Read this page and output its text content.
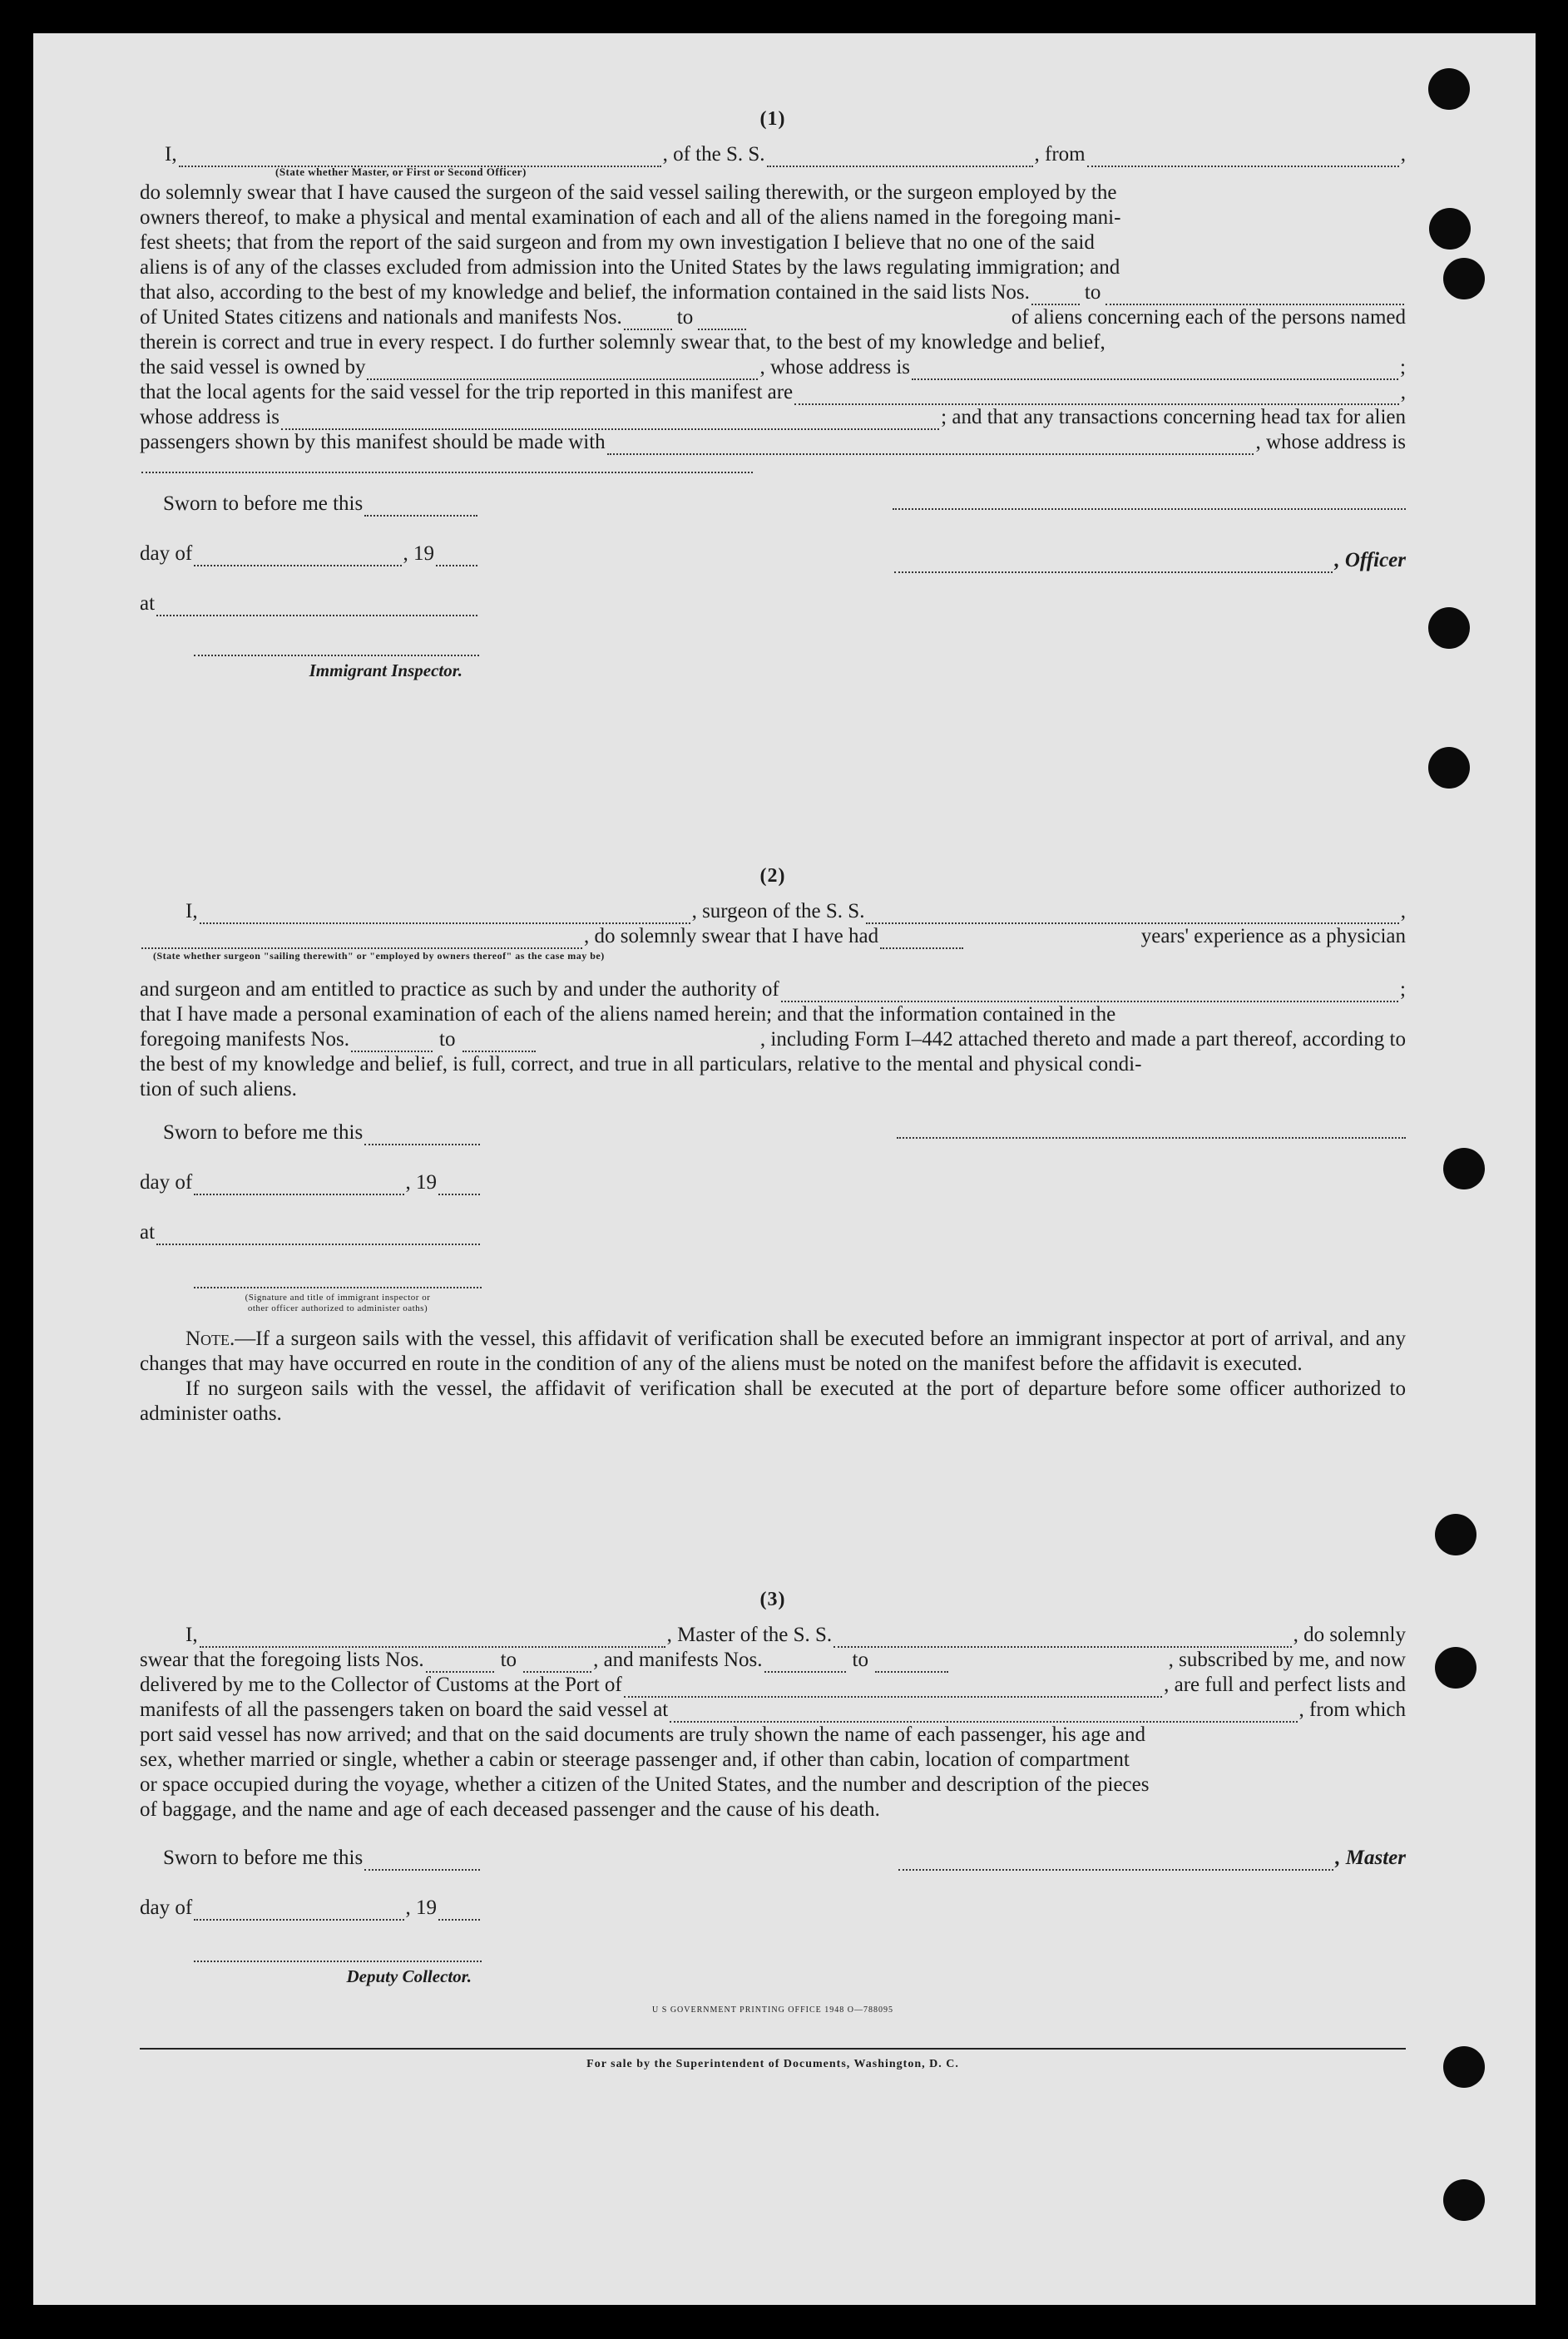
(1)
I,	, of the S. S.	, from	,
(State whether Master, or First or Second Officer)
do solemnly swear that I have caused the surgeon of the said vessel sailing therewith, or the surgeon employed by the
owners thereof, to make a physical and mental examination of each and all of the aliens named in the foregoing mani-
fest sheets; that from the report of the said surgeon and from my own investigation I believe that no one of the said
aliens is of any of the classes excluded from admission into the United States by the laws regulating immigration; and
that also, according to the best of my knowledge and belief, the information contained in the said lists Nos.	to
of United States citizens and nationals and manifests Nos.	to	of aliens concerning each of the persons named
therein is correct and true in every respect. I do further solemnly swear that, to the best of my knowledge and belief,
the said vessel is owned by	, whose address is	;
that the local agents for the said vessel for the trip reported in this manifest are	,
whose address is	; and that any transactions concerning head tax for alien
passengers shown by this manifest should be made with	, whose address is
Sworn to before me this
day of	, 19
at
Immigrant Inspector.
, Officer
(2)
I,	, surgeon of the S. S.	,
, do solemnly swear that I have had	years' experience as a physician
(State whether surgeon "sailing therewith" or "employed by owners thereof" as the case may be)
and surgeon and am entitled to practice as such by and under the authority of	;
that I have made a personal examination of each of the aliens named herein; and that the information contained in the
foregoing manifests Nos.	to	, including Form I–442 attached thereto and made a part thereof, according to
the best of my knowledge and belief, is full, correct, and true in all particulars, relative to the mental and physical condi-
tion of such aliens.
Sworn to before me this
day of	, 19
at
(Signature and title of immigrant inspector or
other officer authorized to administer oaths)
Note.—If a surgeon sails with the vessel, this affidavit of verification shall be executed before an immigrant inspector at port of arrival, and any changes that may have occurred en route in the condition of any of the aliens must be noted on the manifest before the affidavit is executed.
If no surgeon sails with the vessel, the affidavit of verification shall be executed at the port of departure before some officer authorized to administer oaths.
(3)
I,	, Master of the S. S.	, do solemnly
swear that the foregoing lists Nos.	to	, and manifests Nos.	to	, subscribed by me, and now
delivered by me to the Collector of Customs at the Port of	, are full and perfect lists and
manifests of all the passengers taken on board the said vessel at	, from which
port said vessel has now arrived; and that on the said documents are truly shown the name of each passenger, his age and
sex, whether married or single, whether a cabin or steerage passenger and, if other than cabin, location of compartment
or space occupied during the voyage, whether a citizen of the United States, and the number and description of the pieces
of baggage, and the name and age of each deceased passenger and the cause of his death.
Sworn to before me this	, Master
day of	, 19
Deputy Collector.
U S GOVERNMENT PRINTING OFFICE 1948 O—788095
For sale by the Superintendent of Documents, Washington, D. C.
